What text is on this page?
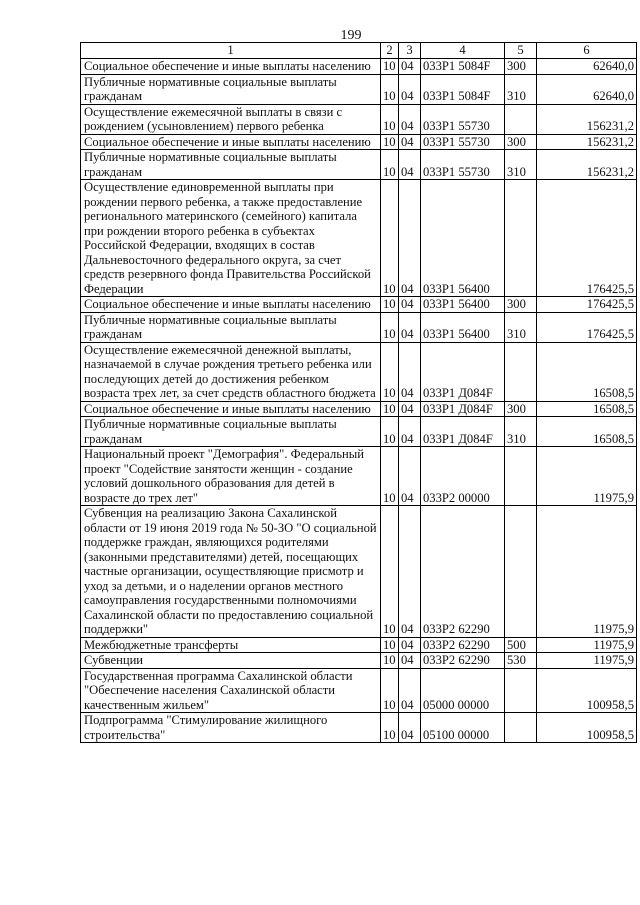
199
1	2	3	4	5	6
Социальное обеспечение и иные выплаты населению	10	04	033P1 5084F	300	62640,0
Публичные нормативные социальные выплаты гражданам	10	04	033P1 5084F	310	62640,0
Осуществление ежемесячной выплаты в связи с рождением (усыновлением) первого ребенка	10	04	033P1 55730		156231,2
Социальное обеспечение и иные выплаты населению	10	04	033P1 55730	300	156231,2
Публичные нормативные социальные выплаты гражданам	10	04	033P1 55730	310	156231,2
Осуществление единовременной выплаты при рождении первого ребенка, а также предоставление регионального материнского (семейного) капитала при рождении второго ребенка в субъектах Российской Федерации, входящих в состав Дальневосточного федерального округа, за счет средств резервного фонда Правительства Российской Федерации	10	04	033P1 56400		176425,5
Социальное обеспечение и иные выплаты населению	10	04	033P1 56400	300	176425,5
Публичные нормативные социальные выплаты гражданам	10	04	033P1 56400	310	176425,5
Осуществление ежемесячной денежной выплаты, назначаемой в случае рождения третьего ребенка или последующих детей до достижения ребенком возраста трех лет, за счет средств областного бюджета	10	04	033P1 Д084F		16508,5
Социальное обеспечение и иные выплаты населению	10	04	033P1 Д084F	300	16508,5
Публичные нормативные социальные выплаты гражданам	10	04	033P1 Д084F	310	16508,5
Национальный проект "Демография". Федеральный проект "Содействие занятости женщин - создание условий дошкольного образования для детей в возрасте до трех лет"	10	04	033P2 00000		11975,9
Субвенция на реализацию Закона Сахалинской области от 19 июня 2019 года № 50-ЗО "О социальной поддержке граждан, являющихся родителями (законными представителями) детей, посещающих частные организации, осуществляющие присмотр и уход за детьми, и о наделении органов местного самоуправления государственными полномочиями Сахалинской области по предоставлению социальной поддержки"	10	04	033P2 62290		11975,9
Межбюджетные трансферты	10	04	033P2 62290	500	11975,9
Субвенции	10	04	033P2 62290	530	11975,9
Государственная программа Сахалинской области "Обеспечение населения Сахалинской области качественным жильем"	10	04	05000 00000		100958,5
Подпрограмма "Стимулирование жилищного строительства"	10	04	05100 00000		100958,5
